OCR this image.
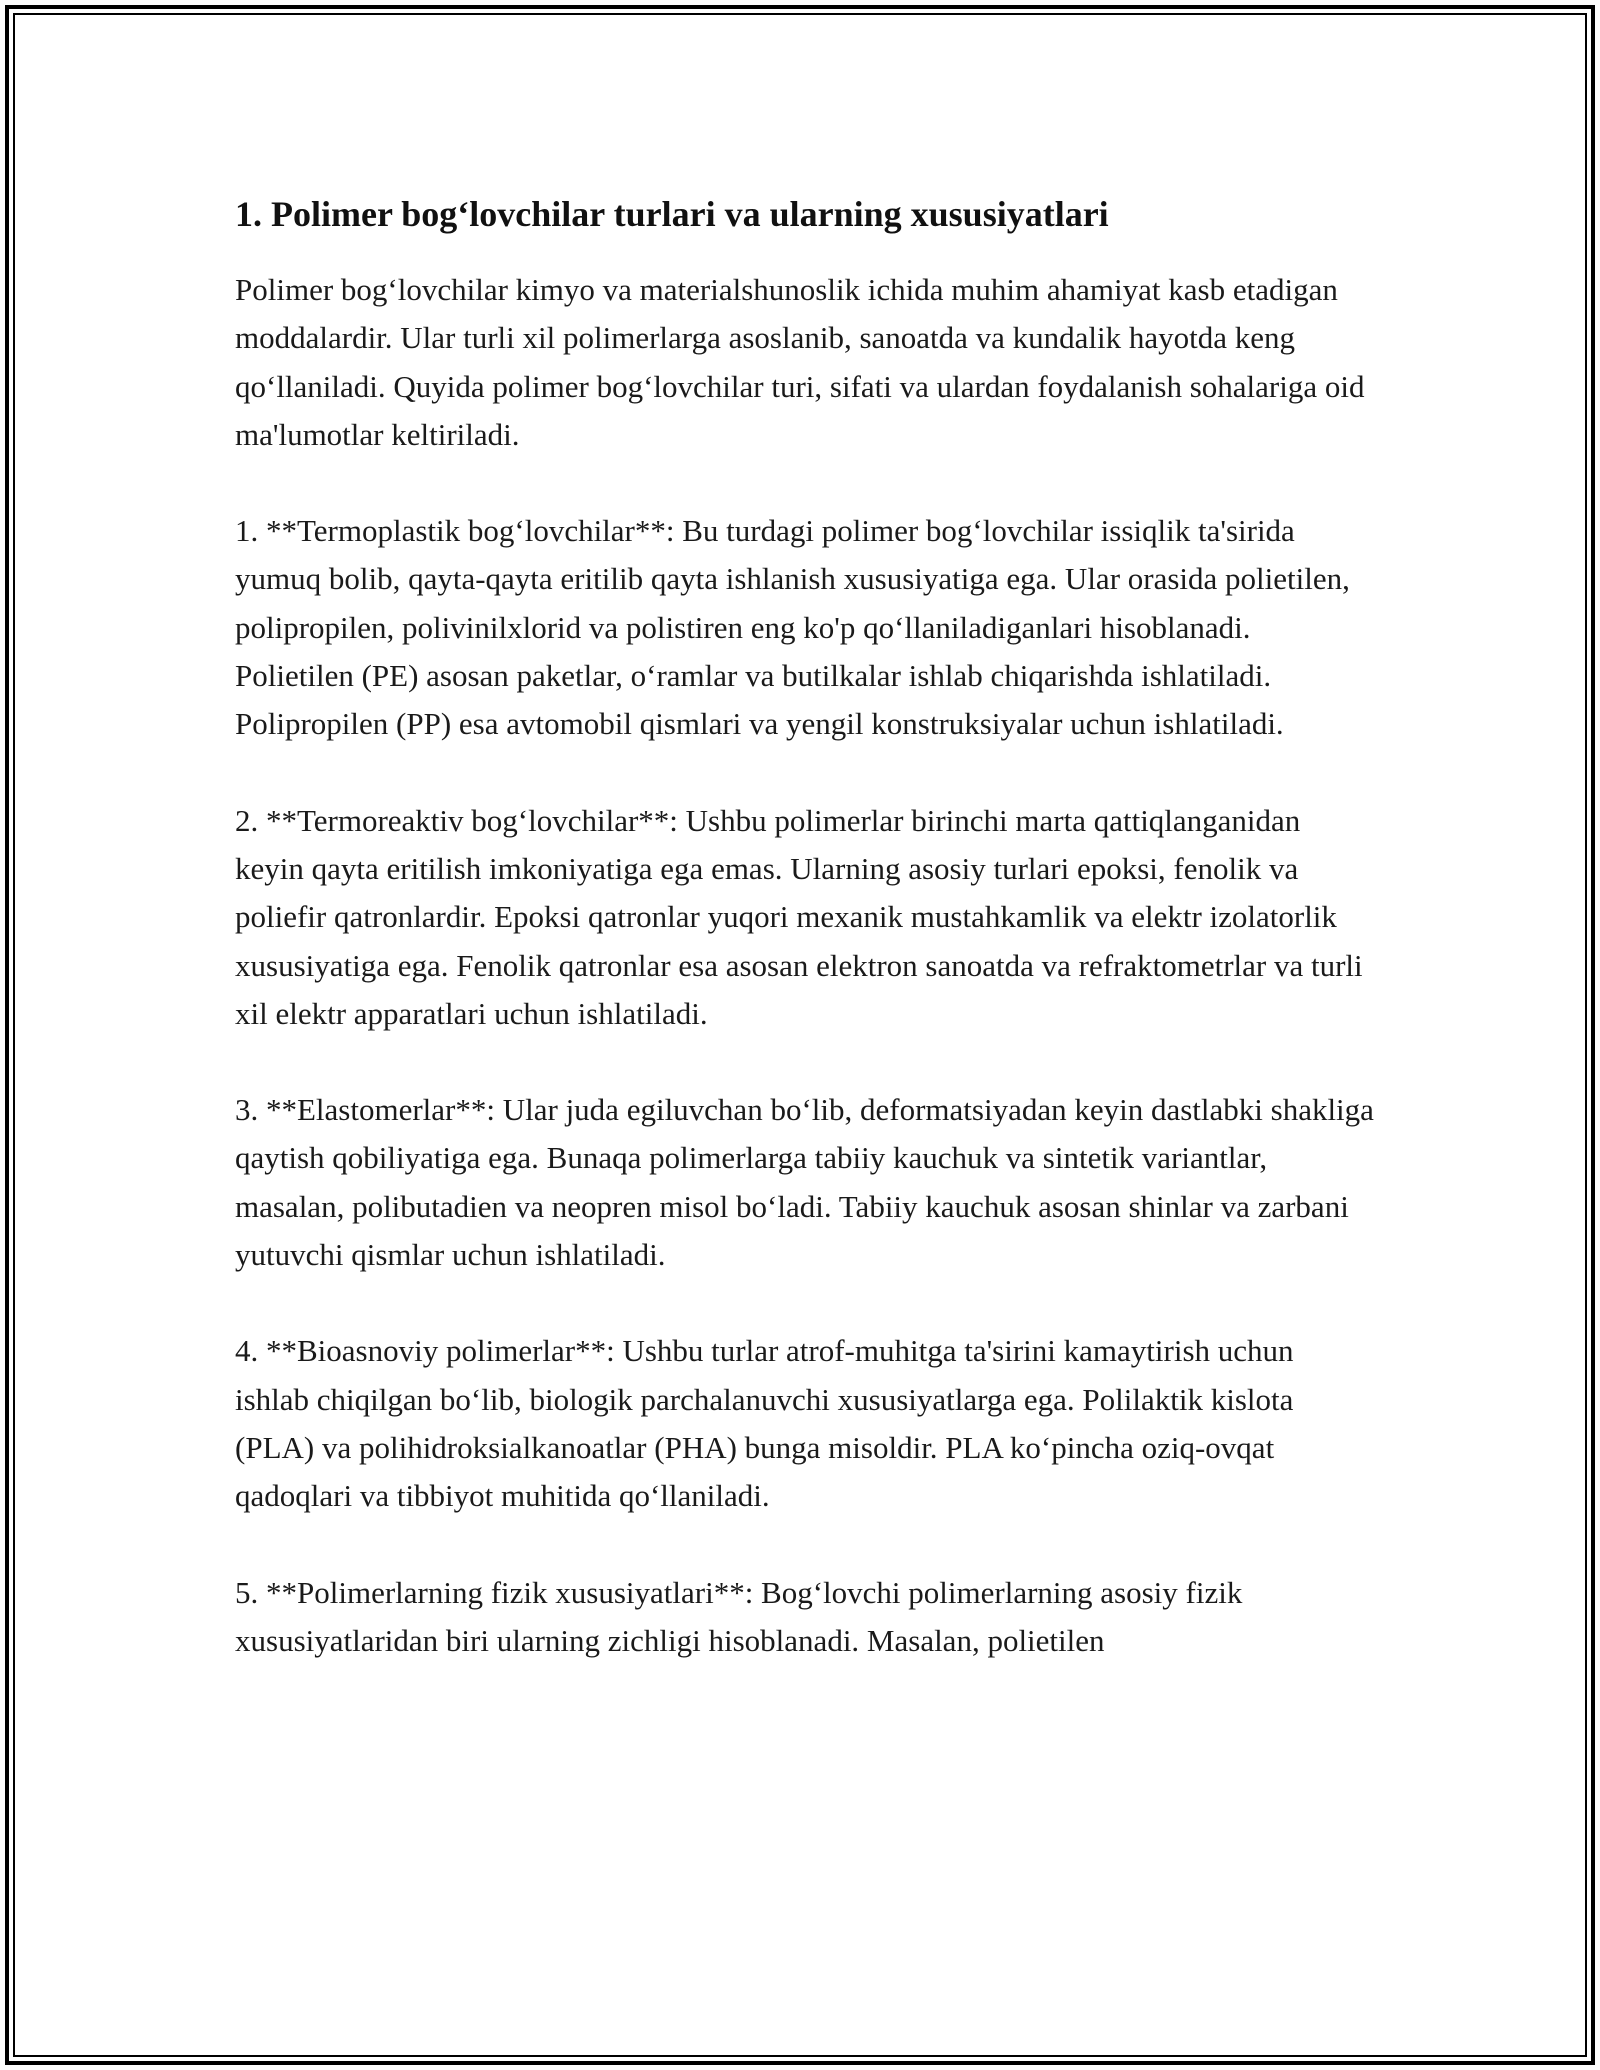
1. Polimer bog‘lovchilar turlari va ularning xususiyatlari

Polimer bog‘lovchilar kimyo va materialshunoslik ichida muhim ahamiyat kasb etadigan moddalardir. Ular turli xil polimerlarga asoslanib, sanoatda va kundalik hayotda keng qo‘llaniladi. Quyida polimer bog‘lovchilar turi, sifati va ulardan foydalanish sohalariga oid ma'lumotlar keltiriladi.

1. **Termoplastik bog‘lovchilar**: Bu turdagi polimer bog‘lovchilar issiqlik ta'sirida yumuq bolib, qayta-qayta eritilib qayta ishlanish xususiyatiga ega. Ular orasida polietilen, polipropilen, polivinilxlorid va polistiren eng ko'p qo‘llaniladiganlari hisoblanadi. Polietilen (PE) asosan paketlar, o‘ramlar va butilkalar ishlab chiqarishda ishlatiladi. Polipropilen (PP) esa avtomobil qismlari va yengil konstruksiyalar uchun ishlatiladi.

2. **Termoreaktiv bog‘lovchilar**: Ushbu polimerlar birinchi marta qattiqlanganidan keyin qayta eritilish imkoniyatiga ega emas. Ularning asosiy turlari epoksi, fenolik va poliefir qatronlardir. Epoksi qatronlar yuqori mexanik mustahkamlik va elektr izolatorlik xususiyatiga ega. Fenolik qatronlar esa asosan elektron sanoatda va refraktometrlar va turli xil elektr apparatlari uchun ishlatiladi.

3. **Elastomerlar**: Ular juda egiluvchan bo‘lib, deformatsiyadan keyin dastlabki shakliga qaytish qobiliyatiga ega. Bunaqa polimerlarga tabiiy kauchuk va sintetik variantlar, masalan, polibutadien va neopren misol bo‘ladi. Tabiiy kauchuk asosan shinlar va zarbani yutuvchi qismlar uchun ishlatiladi.

4. **Bioasnoviy polimerlar**: Ushbu turlar atrof-muhitga ta'sirini kamaytirish uchun ishlab chiqilgan bo‘lib, biologik parchalanuvchi xususiyatlarga ega. Polilaktik kislota (PLA) va polihidroksialkanoatlar (PHA) bunga misoldir. PLA ko‘pincha oziq-ovqat qadoqlari va tibbiyot muhitida qo‘llaniladi.

5. **Polimerlarning fizik xususiyatlari**: Bog‘lovchi polimerlarning asosiy fizik xususiyatlaridan biri ularning zichligi hisoblanadi. Masalan, polietilen
